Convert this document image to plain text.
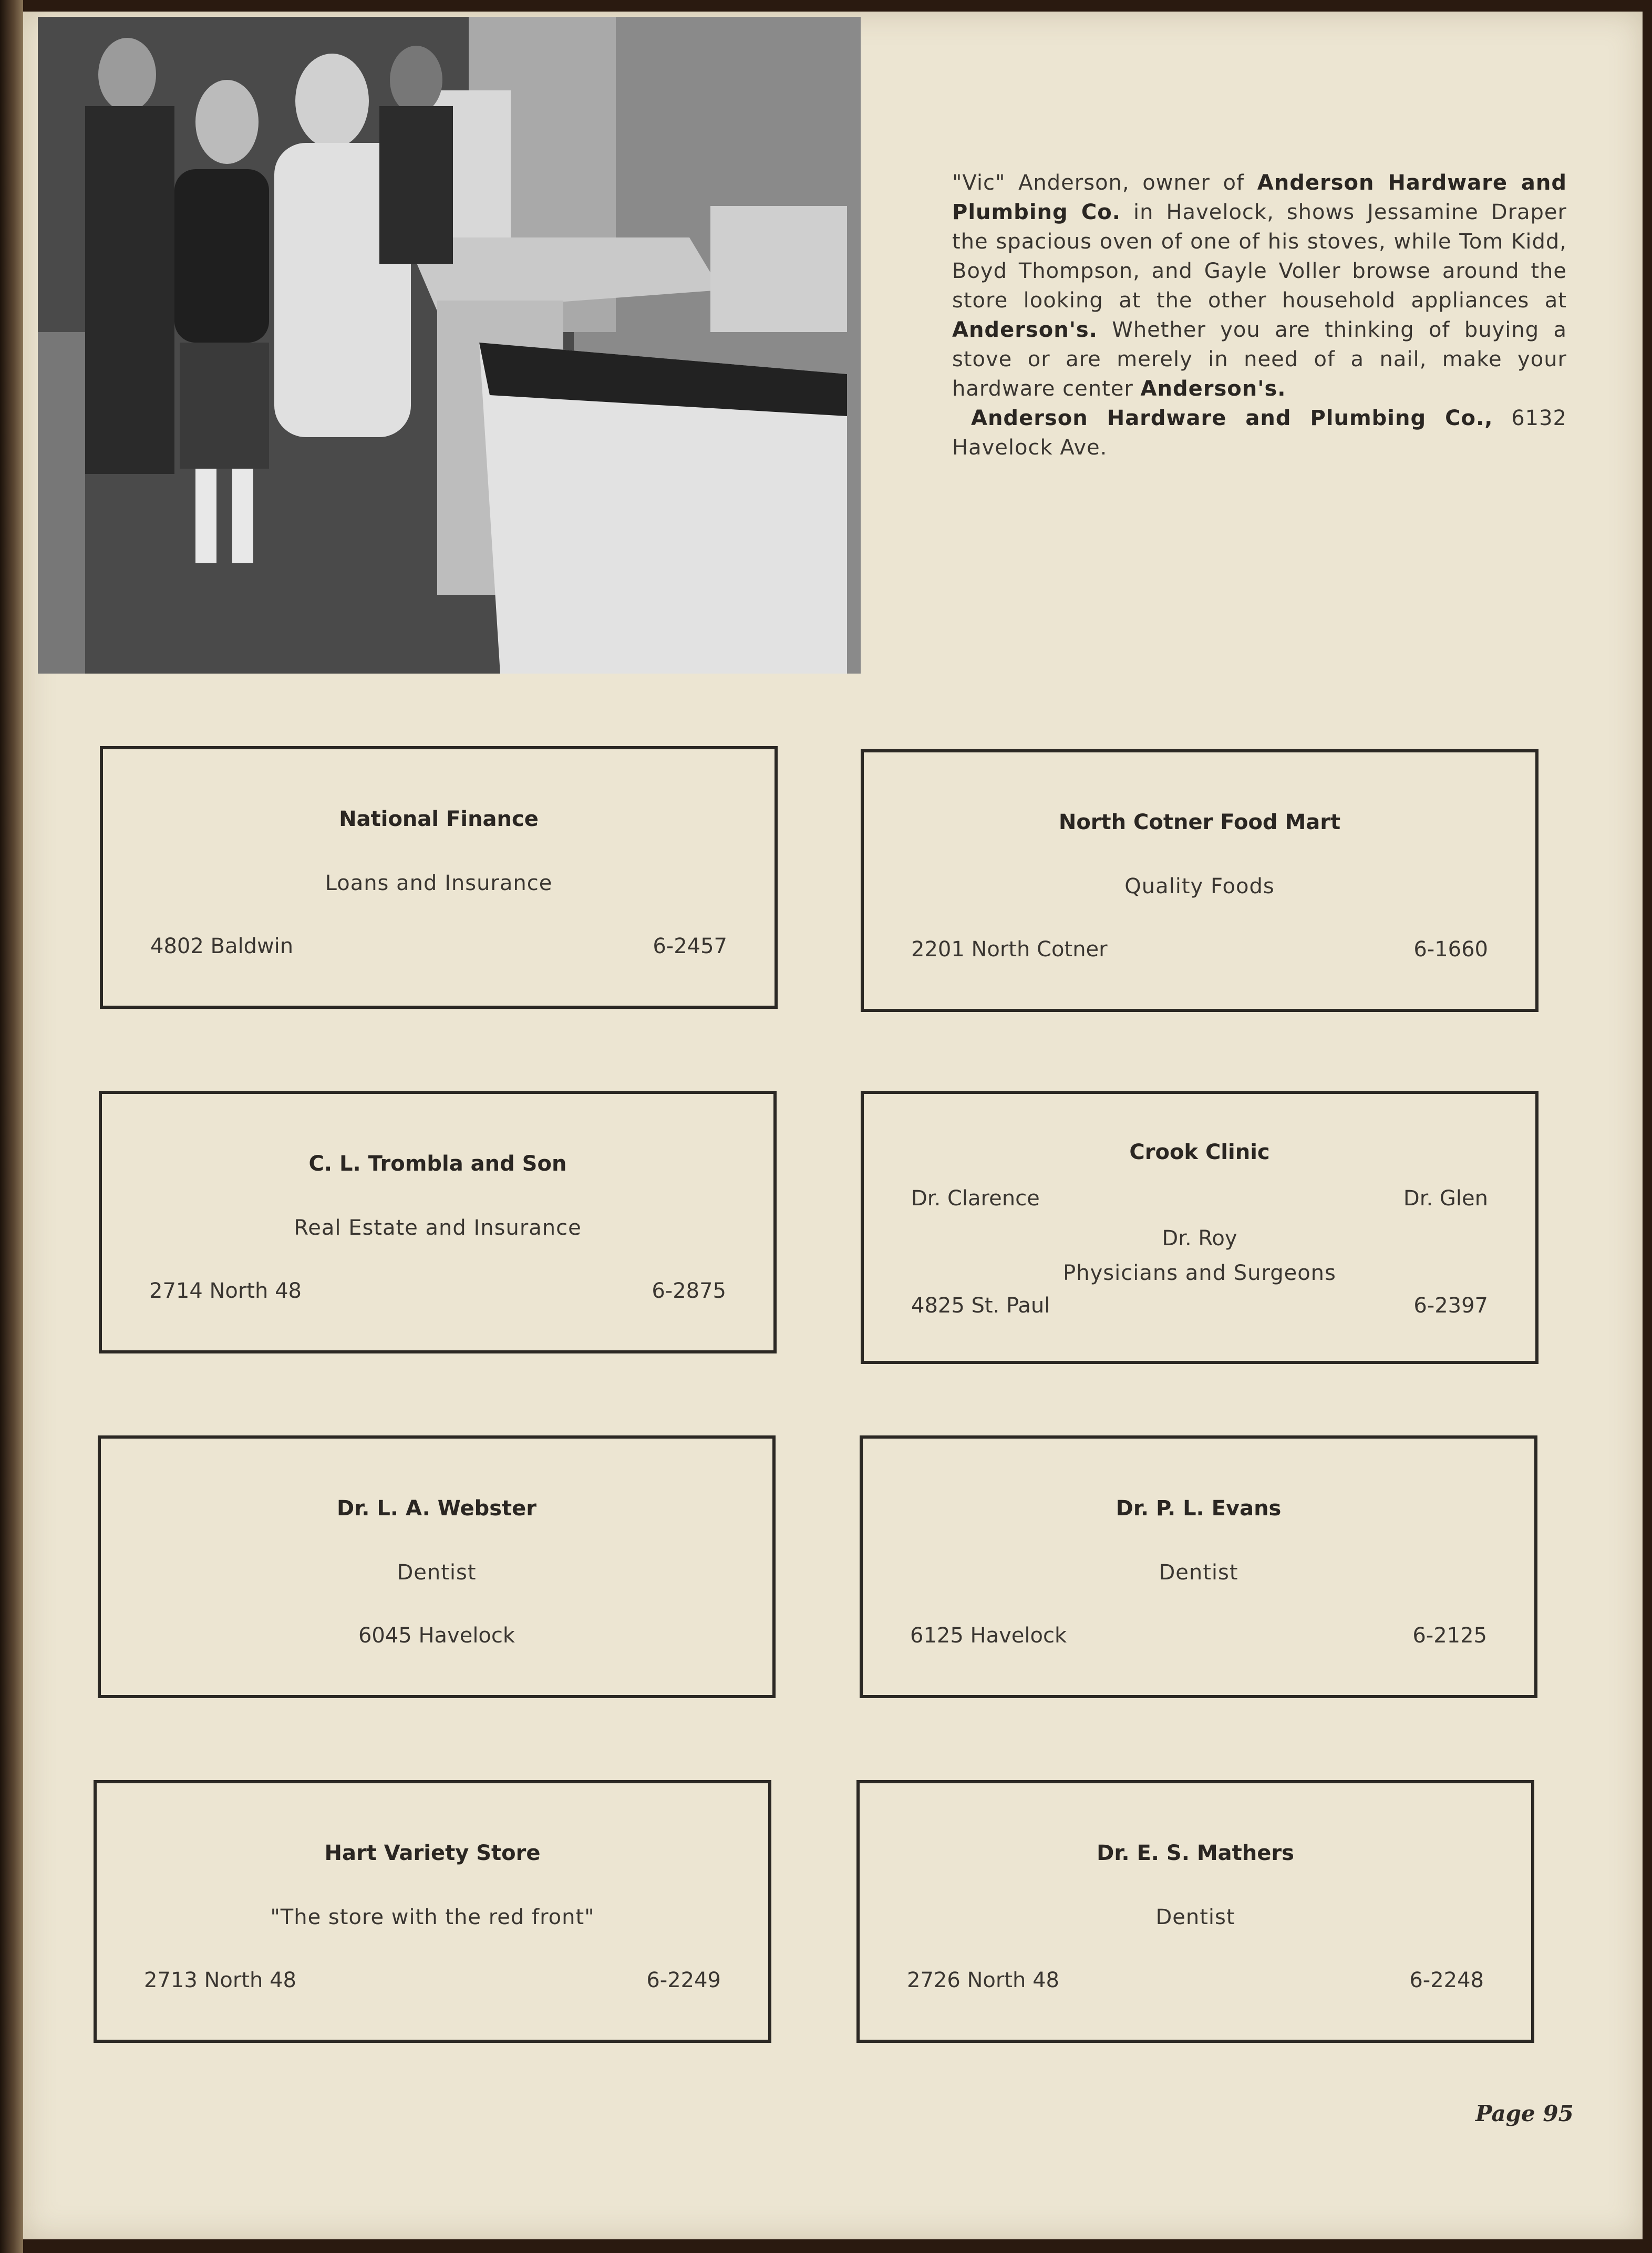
"Vic" Anderson, owner of Anderson Hardware and Plumbing Co. in Havelock, shows Jessamine Draper the spacious oven of one of his stoves, while Tom Kidd, Boyd Thompson, and Gayle Voller browse around the store looking at the other household appliances at Anderson's. Whether you are thinking of buying a stove or are merely in need of a nail, make your hardware center Anderson's.

Anderson Hardware and Plumbing Co., 6132 Havelock Ave.

National Finance
Loans and Insurance
4802 Baldwin	6-2457
North Cotner Food Mart
Quality Foods
2201 North Cotner	6-1660
C. L. Trombla and Son
Real Estate and Insurance
2714 North 48	6-2875
Crook Clinic
Dr. Clarence	Dr. Glen
Dr. Roy
Physicians and Surgeons
4825 St. Paul	6-2397
Dr. L. A. Webster
Dentist
6045 Havelock
Dr. P. L. Evans
Dentist
6125 Havelock	6-2125
Hart Variety Store
"The store with the red front"
2713 North 48	6-2249
Dr. E. S. Mathers
Dentist
2726 North 48	6-2248
Page 95
